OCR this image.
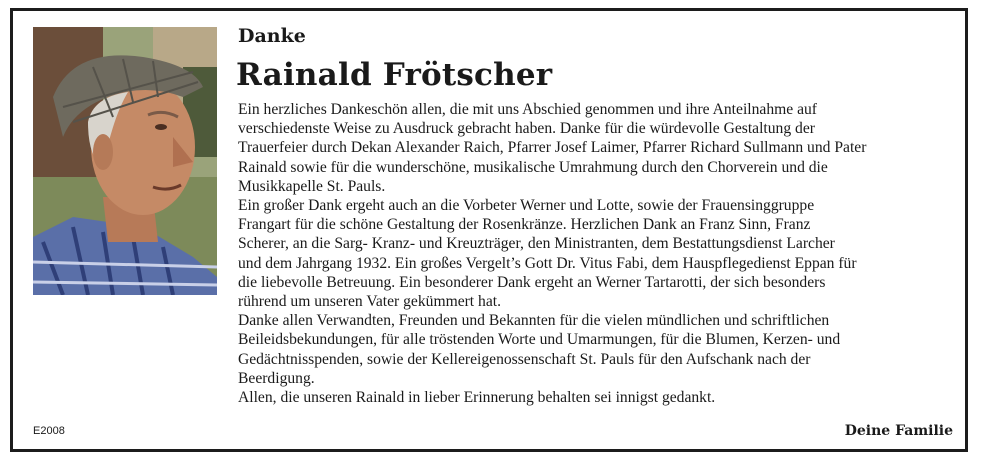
Danke
Rainald Frötscher

Ein herzliches Dankeschön allen, die mit uns Abschied genommen und ihre Anteilnahme auf
verschiedenste Weise zu Ausdruck gebracht haben. Danke für die würdevolle Gestaltung der
Trauerfeier durch Dekan Alexander Raich, Pfarrer Josef Laimer, Pfarrer Richard Sullmann und Pater
Rainald sowie für die wunderschöne, musikalische Umrahmung durch den Chorverein und die
Musikkapelle St. Pauls.

Ein großer Dank ergeht auch an die Vorbeter Werner und Lotte, sowie der Frauensinggruppe
Frangart für die schöne Gestaltung der Rosenkränze. Herzlichen Dank an Franz Sinn, Franz
Scherer, an die Sarg- Kranz- und Kreuzträger, den Ministranten, dem Bestattungsdienst Larcher
und dem Jahrgang 1932. Ein großes Vergelt’s Gott Dr. Vitus Fabi, dem Hauspflegedienst Eppan für
die liebevolle Betreuung. Ein besonderer Dank ergeht an Werner Tartarotti, der sich besonders
rührend um unseren Vater gekümmert hat.

Danke allen Verwandten, Freunden und Bekannten für die vielen mündlichen und schriftlichen
Beileidsbekundungen, für alle tröstenden Worte und Umarmungen, für die Blumen, Kerzen- und
Gedächtnisspenden, sowie der Kellereigenossenschaft St. Pauls für den Aufschank nach der
Beerdigung.

Allen, die unseren Rainald in lieber Erinnerung behalten sei innigst gedankt.

E2008	Deine Familie
